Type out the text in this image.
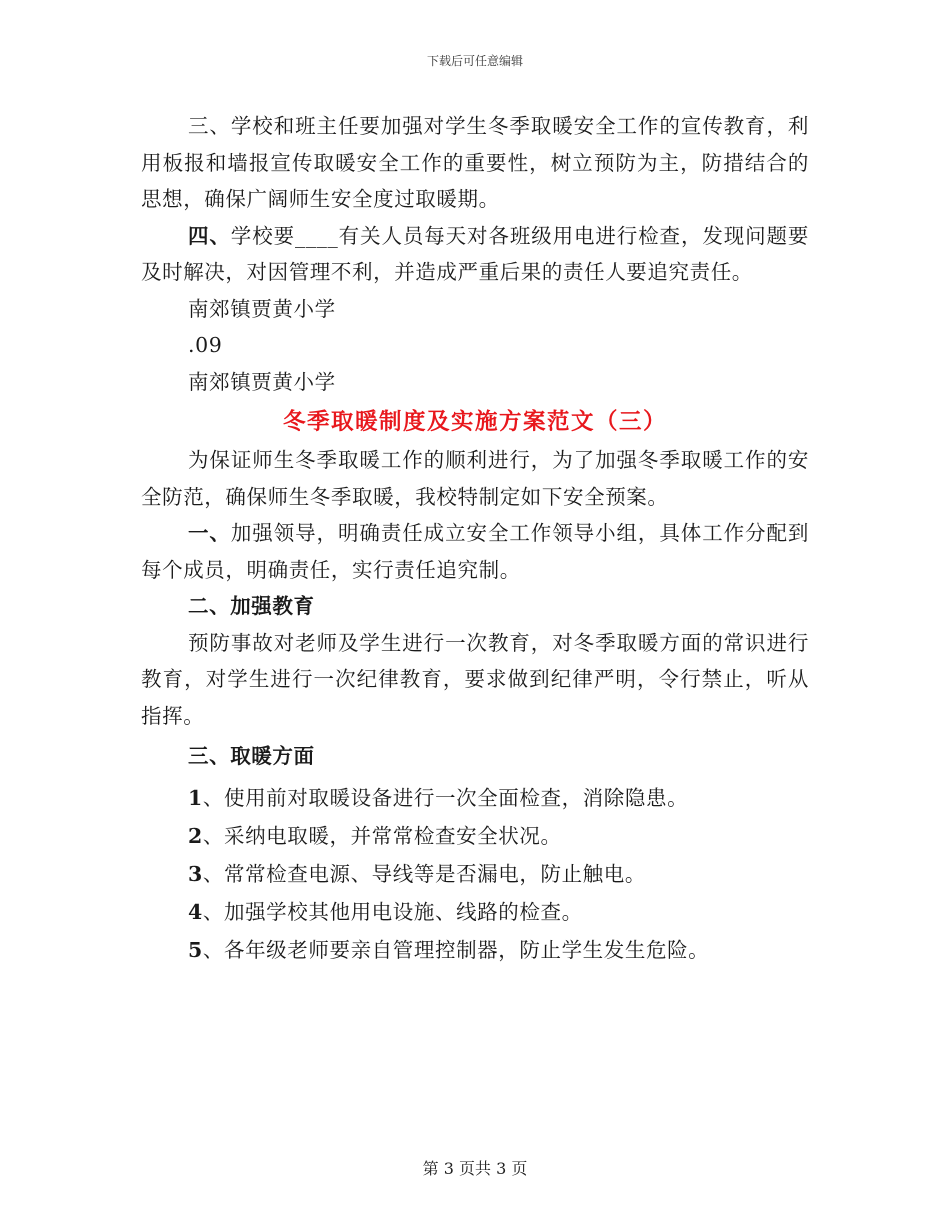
下载后可任意编辑

三、学校和班主任要加强对学生冬季取暖安全工作的宣传教育，利用板报和墙报宣传取暖安全工作的重要性，树立预防为主，防措结合的思想，确保广阔师生安全度过取暖期。

四、学校要____有关人员每天对各班级用电进行检查，发现问题要及时解决，对因管理不利，并造成严重后果的责任人要追究责任。

南郊镇贾黄小学

.09

南郊镇贾黄小学

冬季取暖制度及实施方案范文（三）

为保证师生冬季取暖工作的顺利进行，为了加强冬季取暖工作的安全防范，确保师生冬季取暖，我校特制定如下安全预案。

一、加强领导，明确责任成立安全工作领导小组，具体工作分配到每个成员，明确责任，实行责任追究制。

二、加强教育

预防事故对老师及学生进行一次教育，对冬季取暖方面的常识进行教育，对学生进行一次纪律教育，要求做到纪律严明，令行禁止，听从指挥。

三、取暖方面

1、使用前对取暖设备进行一次全面检查，消除隐患。

2、采纳电取暖，并常常检查安全状况。

3、常常检查电源、导线等是否漏电，防止触电。

4、加强学校其他用电设施、线路的检查。

5、各年级老师要亲自管理控制器，防止学生发生危险。

第 3 页共 3 页
